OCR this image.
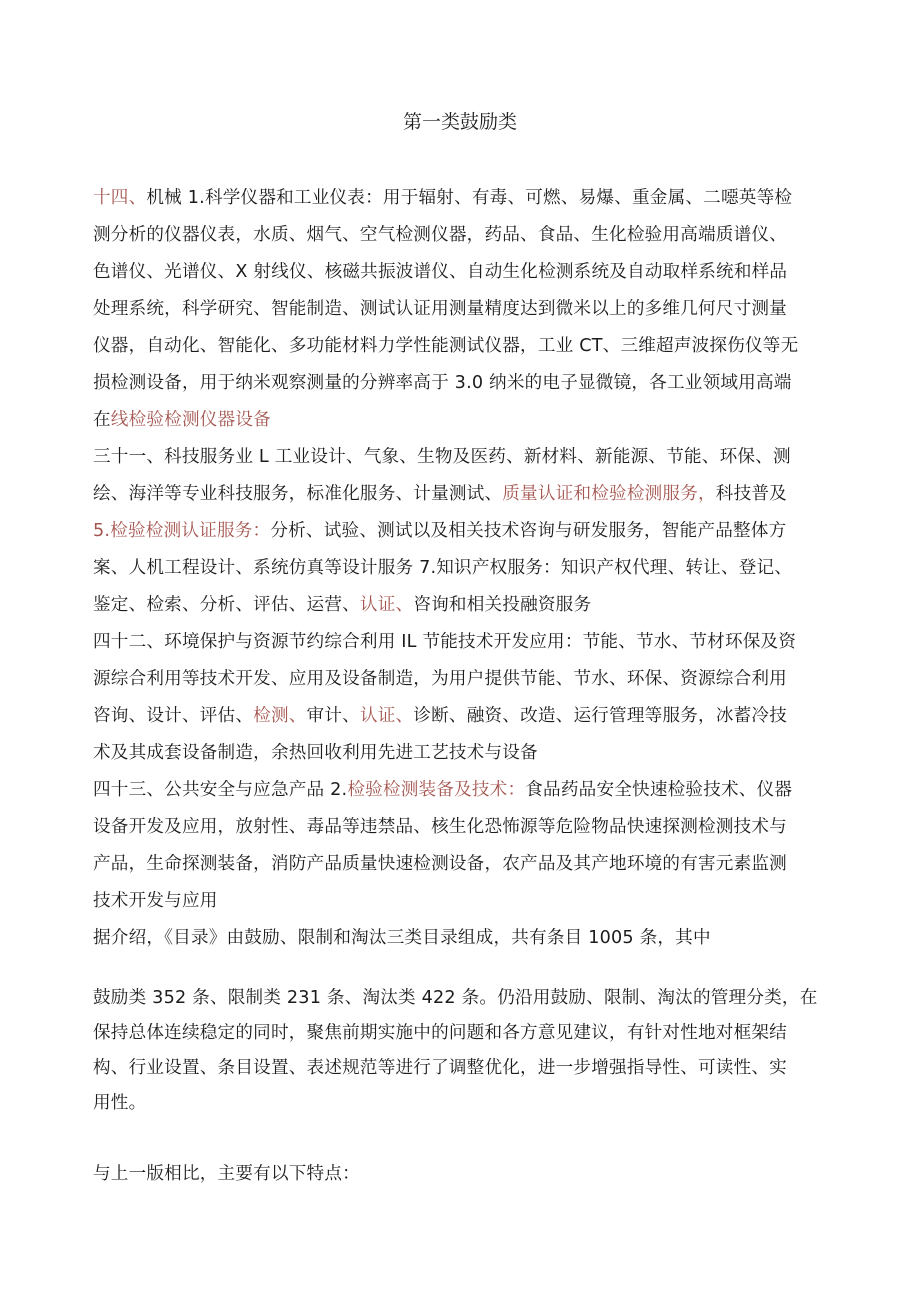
第一类鼓励类

十四、机械 1.科学仪器和工业仪表：用于辐射、有毒、可燃、易爆、重金属、二噁英等检

测分析的仪器仪表，水质、烟气、空气检测仪器，药品、食品、生化检验用高端质谱仪、

色谱仪、光谱仪、X 射线仪、核磁共振波谱仪、自动生化检测系统及自动取样系统和样品

处理系统，科学研究、智能制造、测试认证用测量精度达到微米以上的多维几何尺寸测量

仪器，自动化、智能化、多功能材料力学性能测试仪器，工业 CT、三维超声波探伤仪等无

损检测设备，用于纳米观察测量的分辨率高于 3.0 纳米的电子显微镜，各工业领域用高端

在线检验检测仪器设备

三十一、科技服务业 L 工业设计、气象、生物及医药、新材料、新能源、节能、环保、测

绘、海洋等专业科技服务，标准化服务、计量测试、质量认证和检验检测服务，科技普及

5.检验检测认证服务：分析、试验、测试以及相关技术咨询与研发服务，智能产品整体方

案、人机工程设计、系统仿真等设计服务 7.知识产权服务：知识产权代理、转让、登记、

鉴定、检索、分析、评估、运营、认证、咨询和相关投融资服务

四十二、环境保护与资源节约综合利用 IL 节能技术开发应用：节能、节水、节材环保及资

源综合利用等技术开发、应用及设备制造，为用户提供节能、节水、环保、资源综合利用

咨询、设计、评估、检测、审计、认证、诊断、融资、改造、运行管理等服务，冰蓄冷技

术及其成套设备制造，余热回收利用先进工艺技术与设备

四十三、公共安全与应急产品 2.检验检测装备及技术：食品药品安全快速检验技术、仪器

设备开发及应用，放射性、毒品等违禁品、核生化恐怖源等危险物品快速探测检测技术与

产品，生命探测装备，消防产品质量快速检测设备，农产品及其产地环境的有害元素监测

技术开发与应用

据介绍，《目录》由鼓励、限制和淘汰三类目录组成，共有条目 1005 条，其中

鼓励类 352 条、限制类 231 条、淘汰类 422 条。仍沿用鼓励、限制、淘汰的管理分类，在

保持总体连续稳定的同时，聚焦前期实施中的问题和各方意见建议，有针对性地对框架结

构、行业设置、条目设置、表述规范等进行了调整优化，进一步增强指导性、可读性、实

用性。

与上一版相比，主要有以下特点：
